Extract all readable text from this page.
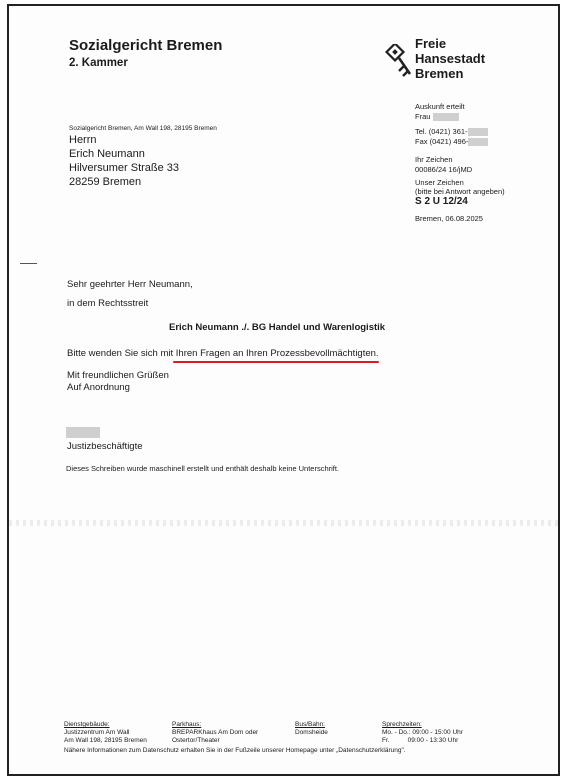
Sozialgericht Bremen
2. Kammer
Freie
Hansestadt
Bremen
Sozialgericht Bremen, Am Wall 198, 28195 Bremen
Herrn
Erich Neumann
Hilversumer Straße 33
28259 Bremen
Auskunft erteilt
Frau
Tel. (0421) 361-
Fax (0421) 496-
Ihr Zeichen
00086/24 16/jMD
Unser Zeichen
(bitte bei Antwort angeben)
S 2 U 12/24
Bremen, 06.08.2025
Sehr geehrter Herr Neumann,
in dem Rechtsstreit
Erich Neumann ./. BG Handel und Warenlogistik
Bitte wenden Sie sich mit Ihren Fragen an Ihren Prozessbevollmächtigten
.
Mit freundlichen Grüßen
Auf Anordnung
Justizbeschäftigte
Dieses Schreiben wurde maschinell erstellt und enthält deshalb keine Unterschrift.
Dienstgebäude:
Justizzentrum Am Wall
Am Wall 198, 28195 Bremen
Parkhaus:
BREPARKhaus Am Dom oder
Ostertor/Theater
Bus/Bahn:
Domsheide
Sprechzeiten:
Mo. - Do.: 09:00 - 15:00 Uhr
Fr.          09:00 - 13:30 Uhr
Nähere Informationen zum Datenschutz erhalten Sie in der Fußzeile unserer Homepage unter „Datenschutzerklärung".
